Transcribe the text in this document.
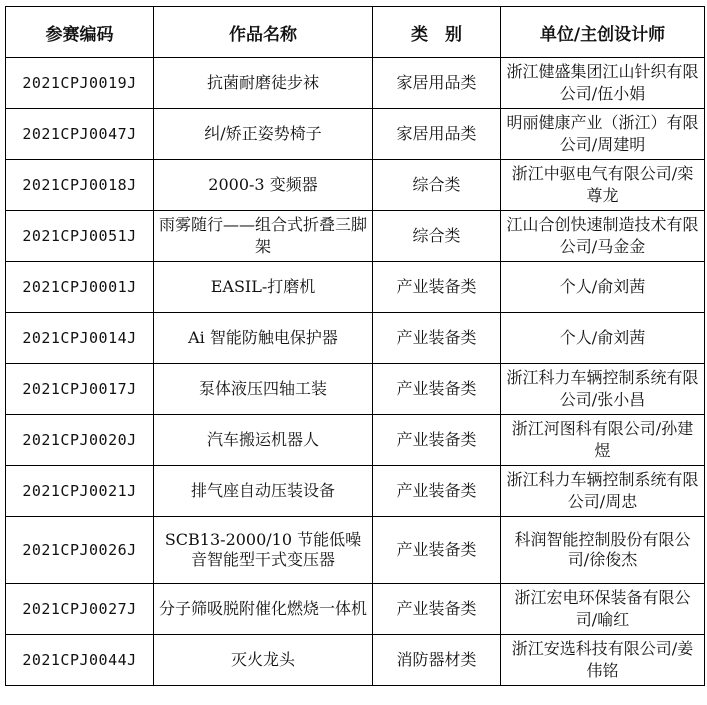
参赛编码	作品名称	类　别	单位/主创设计师
2021CPJ0019J	抗菌耐磨徒步袜	家居用品类	浙江健盛集团江山针织有限公司/伍小娟
2021CPJ0047J	纠/矫正姿势椅子	家居用品类	明丽健康产业（浙江）有限公司/周建明
2021CPJ0018J	2000-3 变频器	综合类	浙江中驱电气有限公司/栾尊龙
2021CPJ0051J	雨雾随行——组合式折叠三脚架	综合类	江山合创快速制造技术有限公司/马金金
2021CPJ0001J	EASIL-打磨机	产业装备类	个人/俞刘茜
2021CPJ0014J	Ai 智能防触电保护器	产业装备类	个人/俞刘茜
2021CPJ0017J	泵体液压四轴工装	产业装备类	浙江科力车辆控制系统有限公司/张小昌
2021CPJ0020J	汽车搬运机器人	产业装备类	浙江河图科有限公司/孙建煜
2021CPJ0021J	排气座自动压装设备	产业装备类	浙江科力车辆控制系统有限公司/周忠
2021CPJ0026J	SCB13-2000/10 节能低噪音智能型干式变压器	产业装备类	科润智能控制股份有限公司/徐俊杰
2021CPJ0027J	分子筛吸脱附催化燃烧一体机	产业装备类	浙江宏电环保装备有限公司/喻红
2021CPJ0044J	灭火龙头	消防器材类	浙江安选科技有限公司/姜伟铭
